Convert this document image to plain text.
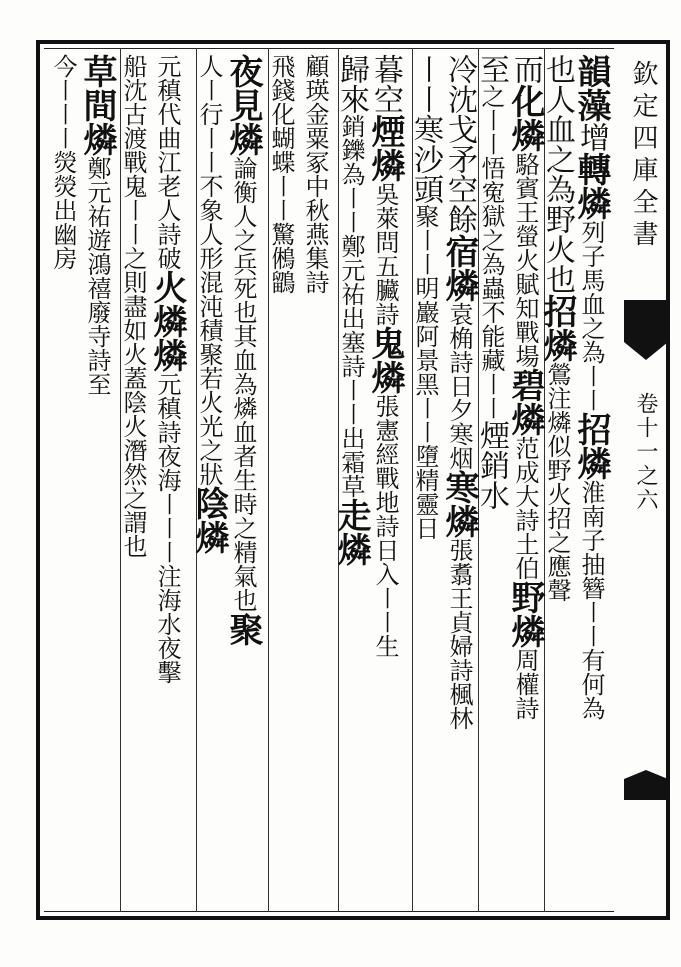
欽定四庫全書
卷十一之六
韻藻增轉燐列子馬血之為〡〡招燐淮南子抽簪〡〡有何為
也人血之為野火也招燐鶯注燐似野火招之應聲
而化燐駱賓王螢火賦知戰場碧燐范成大詩土伯野燐周權詩
至之〡〡悟寃獄之為蟲不能藏〡〡煙銷水
冷沈戈矛空餘宿燐袁桷詩日夕寒烟寒燐張翥王貞婦詩楓林
〡〡寒沙頭聚〡〡明巖阿景黑〡〡墮精靈日
暮空煙燐吳萊問五臟詩鬼燐張憲經戰地詩日入〡〡生
歸來銷鑠為〡〡鄭元祐出塞詩〡〡出霜草走燐
顧瑛金粟冢中秋燕集詩
飛錢化蝴蝶〡〡驚鵂鶹
夜見燐論衡人之兵死也其血為燐血者生時之精氣也聚
人〡行〡〡不象人形混沌積聚若火光之狀陰燐
元稹代曲江老人詩破火燐燐元稹詩夜海〡〡〡注海水夜擊
船沈古渡戰鬼〡〡之則盡如火蓋陰火潛然之謂也
草間燐鄭元祐遊鴻禧廢寺詩至
今〡〡〡熒熒出幽房
